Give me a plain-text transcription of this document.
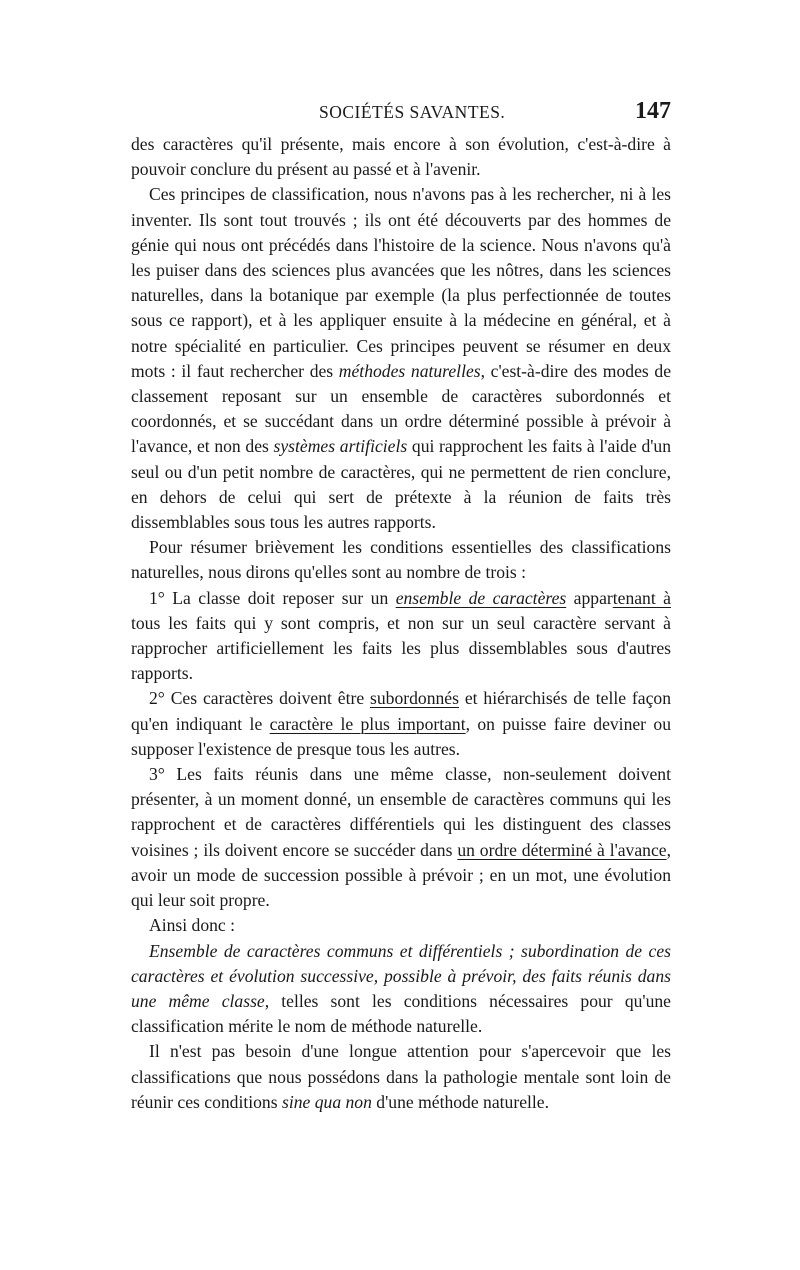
SOCIÉTÉS SAVANTES.	147

des caractères qu'il présente, mais encore à son évolution, c'est-à-dire à pouvoir conclure du présent au passé et à l'avenir.

Ces principes de classification, nous n'avons pas à les rechercher, ni à les inventer. Ils sont tout trouvés ; ils ont été découverts par des hommes de génie qui nous ont précédés dans l'histoire de la science. Nous n'avons qu'à les puiser dans des sciences plus avancées que les nôtres, dans les sciences naturelles, dans la botanique par exemple (la plus perfectionnée de toutes sous ce rapport), et à les appliquer ensuite à la médecine en général, et à notre spécialité en particulier. Ces principes peuvent se résumer en deux mots : il faut rechercher des méthodes naturelles, c'est-à-dire des modes de classement reposant sur un ensemble de caractères subordonnés et coordonnés, et se succédant dans un ordre déterminé possible à prévoir à l'avance, et non des systèmes artificiels qui rapprochent les faits à l'aide d'un seul ou d'un petit nombre de caractères, qui ne permettent de rien conclure, en dehors de celui qui sert de prétexte à la réunion de faits très dissemblables sous tous les autres rapports.

Pour résumer brièvement les conditions essentielles des classifications naturelles, nous dirons qu'elles sont au nombre de trois :

1° La classe doit reposer sur un ensemble de caractères appartenant à tous les faits qui y sont compris, et non sur un seul caractère servant à rapprocher artificiellement les faits les plus dissemblables sous d'autres rapports.

2° Ces caractères doivent être subordonnés et hiérarchisés de telle façon qu'en indiquant le caractère le plus important, on puisse faire deviner ou supposer l'existence de presque tous les autres.

3° Les faits réunis dans une même classe, non-seulement doivent présenter, à un moment donné, un ensemble de caractères communs qui les rapprochent et de caractères différentiels qui les distinguent des classes voisines ; ils doivent encore se succéder dans un ordre déterminé à l'avance, avoir un mode de succession possible à prévoir ; en un mot, une évolution qui leur soit propre.

Ainsi donc :

Ensemble de caractères communs et différentiels ; subordination de ces caractères et évolution successive, possible à prévoir, des faits réunis dans une même classe, telles sont les conditions nécessaires pour qu'une classification mérite le nom de méthode naturelle.

Il n'est pas besoin d'une longue attention pour s'apercevoir que les classifications que nous possédons dans la pathologie mentale sont loin de réunir ces conditions sine qua non d'une méthode naturelle.
